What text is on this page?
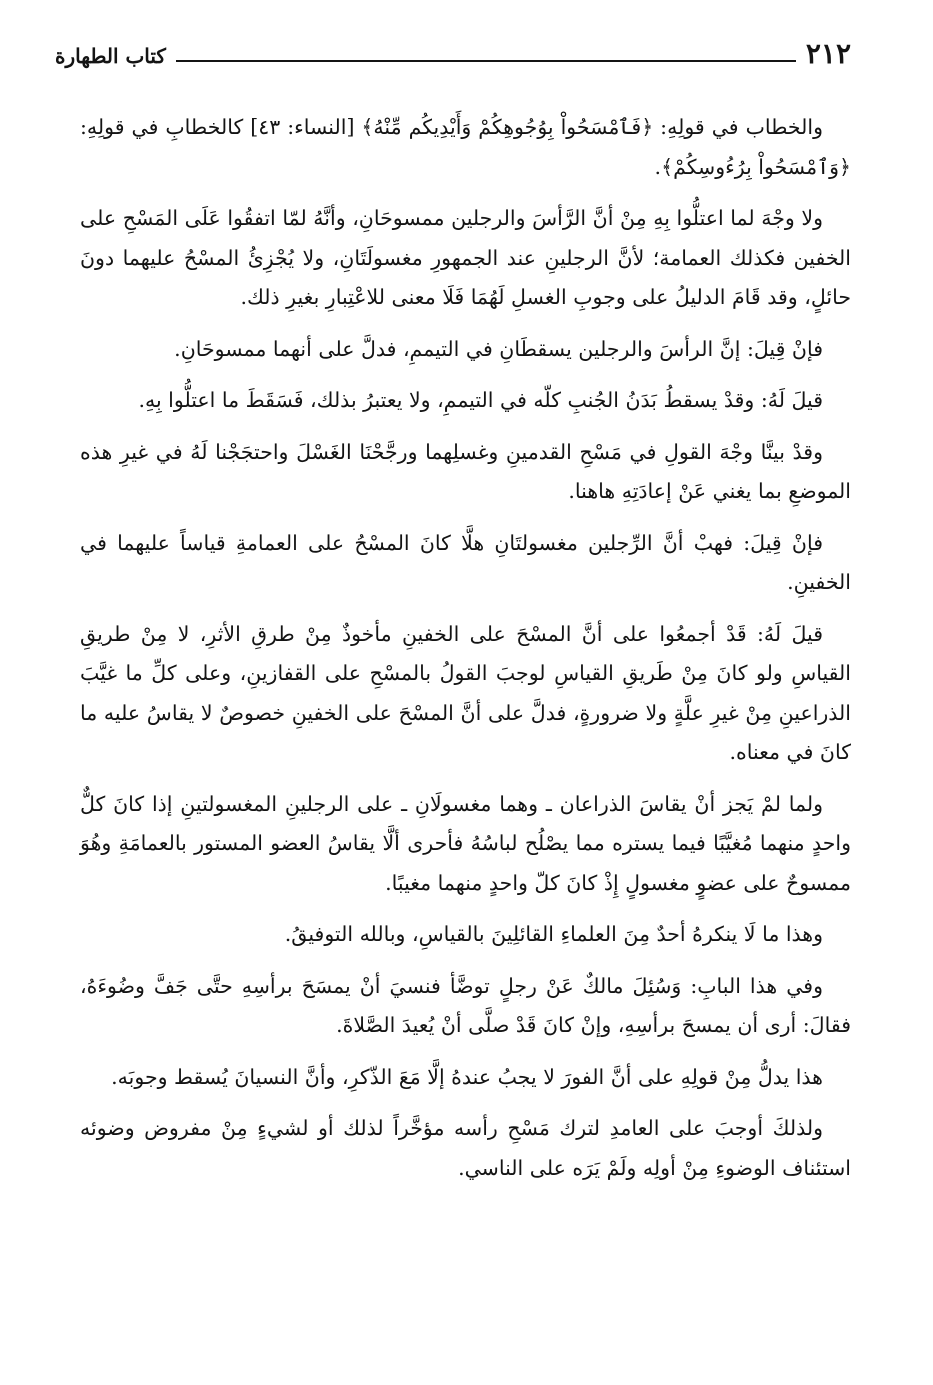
٢١٢
كتاب الطهارة

والخطاب في قولِهِ: ﴿فَٱمْسَحُواْ بِوُجُوهِكُمْ وَأَيْدِيكُم مِّنْهُ﴾ [النساء: ٤٣] كالخطابِ في قولِهِ: ﴿وَٱمْسَحُواْ بِرُءُوسِكُمْ﴾.

ولا وجْهَ لما اعتلُّوا بِهِ مِنْ أنَّ الرَّأسَ والرجلين ممسوحَانِ، وأنَّهُ لمّا اتفقُوا عَلَى المَسْحِ على الخفين فكذلك العمامة؛ لأنَّ الرجلينِ عند الجمهورِ مغسولَتَانِ، ولا يُجْزِئُ المسْحُ عليهما دونَ حائلٍ، وقد قَامَ الدليلُ على وجوبِ الغسلِ لَهُمَا فَلَا معنى للاعْتِبارِ بغيرِ ذلك.

فإنْ قِيلَ: إنَّ الرأسَ والرجلين يسقطَانِ في التيممِ، فدلَّ على أنهما ممسوحَانِ.

قيلَ لَهُ: وقدْ يسقطُ بَدَنُ الجُنبِ كلّه في التيممِ، ولا يعتبرُ بذلك، فَسَقَطَ ما اعتلُّوا بِهِ.

وقدْ بينَّا وجْهَ القولِ في مَسْحِ القدمينِ وغسلِهما ورجَّحْنَا الغَسْلَ واحتجَجْنا لَهُ في غيرِ هذه الموضعِ بما يغني عَنْ إعادَتِهِ هاهنا.

فإنْ قِيلَ: فهبْ أنَّ الرِّجلين مغسولتَانِ هلَّا كانَ المسْحُ على العمامةِ قياساً عليهما في الخفينِ.

قيلَ لَهُ: قَدْ أجمعُوا على أنَّ المسْحَ على الخفينِ مأخوذٌ مِنْ طرقِ الأثرِ، لا مِنْ طريقِ القياسِ ولو كانَ مِنْ طَريقِ القياسِ لوجبَ القولُ بالمسْحِ على القفازينِ، وعلى كلِّ ما غيَّبَ الذراعينِ مِنْ غيرِ علَّةٍ ولا ضرورةٍ، فدلَّ على أنَّ المسْحَ على الخفينِ خصوصٌ لا يقاسُ عليه ما كانَ في معناه.

ولما لمْ يَجز أنْ يقاسَ الذراعان ـ وهما مغسولَانِ ـ على الرجلينِ المغسولتينِ إذا كانَ كلٌّ واحدٍ منهما مُغيَّبًا فيما يستره مما يصْلُح لباسُهُ فأحرى ألَّا يقاسُ العضو المستور بالعمامَةِ وهُوَ ممسوحٌ على عضوٍ مغسولٍ إِذْ كانَ كلّ واحدٍ منهما مغيبًا.

وهذا ما لَا ينكرهُ أحدٌ مِنَ العلماءِ القائلِينَ بالقياسِ، وبالله التوفيقُ.

وفي هذا البابِ: وَسُئِلَ مالكٌ عَنْ رجلٍ توضَّأ فنسيَ أنْ يمسَحَ برأسِهِ حتَّى جَفَّ وضُوءَهُ، فقالَ: أرى أن يمسحَ برأسِهِ، وإنْ كانَ قَدْ صلَّى أنْ يُعيدَ الصَّلاةَ.

هذا يدلُّ مِنْ قولِهِ على أنَّ الفورَ لا يجبُ عندهُ إلَّا مَعَ الذّكرِ، وأنَّ النسيانَ يُسقط وجوبَه.

ولذلكَ أوجبَ على العامدِ لترك مَسْحِ رأسه مؤخَّراً لذلك أو لشيءٍ مِنْ مفروض وضوئه استئناف الوضوءِ مِنْ أولِه ولَمْ يَرَه على الناسي.
